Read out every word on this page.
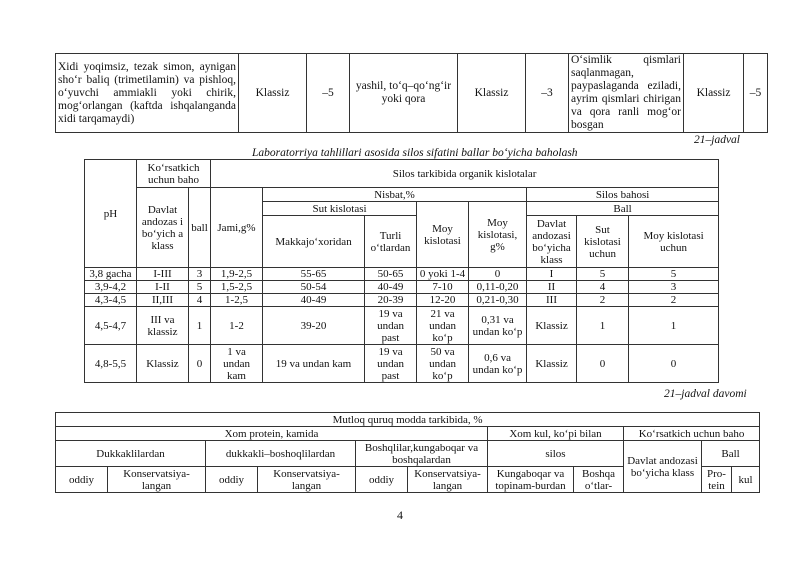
Xidi yoqimsiz, tezak simon, aynigan sho‘r baliq (trimetilamin) va pishloq, o‘yuvchi ammiakli yoki chirik, mog‘orlangan (kaftda ishqalanganda xidi tarqamaydi)	Klassiz	–5	yashil, to‘q–qo‘ng‘ir yoki qora	Klassiz	–3	O‘simlik qismlari saqlanmagan, paypaslaganda eziladi, ayrim qismlari chirigan va qora ranli mog‘or bosgan	Klassiz	–5
21–jadval
Laboratorriya tahlillari asosida silos sifatini ballar bo‘yicha baholash
pH	Ko‘rsatkich uchun baho		Silos tarkibida organik kislotalar							
	Davlat andozas i bo‘yich a klass	ball	Jami,g%	Nisbat,%				Silos bahosi		
				Sut kislotasi		Moy kislotasi	Moy kislotasi, g%	Ball		
				Makkajo‘xoridan	Turli o‘tlardan			Davlat andozasi bo‘yicha klass	Sut kislotasi uchun	Moy kislotasi uchun
3,8 gacha	I-III	3	1,9-2,5	55-65	50-65	0 yoki 1-4	0	I	5	5
3,9-4,2	I-II	5	1,5-2,5	50-54	40-49	7-10	0,11-0,20	II	4	3
4,3-4,5	II,III	4	1-2,5	40-49	20-39	12-20	0,21-0,30	III	2	2
4,5-4,7	III va klassiz	1	1-2	39-20	19 va undan past	21 va undan ko‘p	0,31 va undan ko‘p	Klassiz	1	1
4,8-5,5	Klassiz	0	1 va undan kam	19 va undan kam	19 va undan past	50 va undan ko‘p	0,6 va undan ko‘p	Klassiz	0	0
21–jadval davomi
Mutloq quruq modda tarkibida, %										
Xom protein, kamida						Xom kul, ko‘pi bilan		Ko‘rsatkich uchun baho		
Dukkaklilardan		dukkakli–boshoqlilardan		Boshqlilar,kungaboqar va boshqalardan		silos		Davlat andozasi bo‘yicha klass	Ball	
oddiy	Konservatsiya-langan	oddiy	Konservatsiya-langan	oddiy	Konservatsiya-langan	Kungaboqar va topinam-burdan	Boshqa o‘tlar-		Pro-tein	kul
4
